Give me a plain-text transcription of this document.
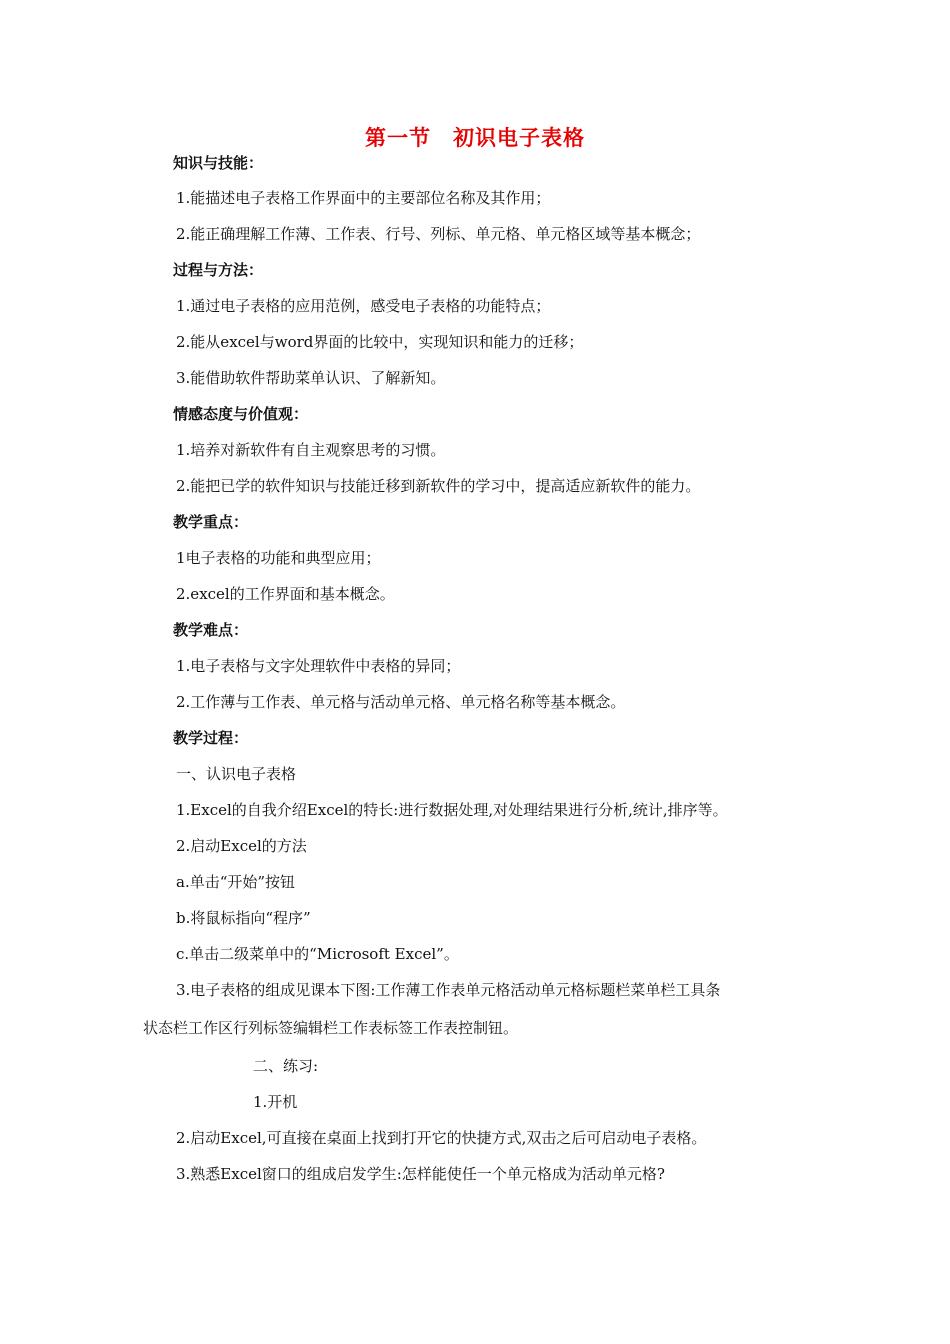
第一节　初识电子表格
知识与技能：
1.能描述电子表格工作界面中的主要部位名称及其作用；
2.能正确理解工作薄、工作表、行号、列标、单元格、单元格区域等基本概念；
过程与方法：
1.通过电子表格的应用范例，感受电子表格的功能特点；
2.能从excel与word界面的比较中，实现知识和能力的迁移；
3.能借助软件帮助菜单认识、了解新知。
情感态度与价值观：
1.培养对新软件有自主观察思考的习惯。
2.能把已学的软件知识与技能迁移到新软件的学习中，提高适应新软件的能力。
教学重点：
1电子表格的功能和典型应用；
2.excel的工作界面和基本概念。
教学难点：
1.电子表格与文字处理软件中表格的异同；
2.工作薄与工作表、单元格与活动单元格、单元格名称等基本概念。
教学过程：
一、认识电子表格
1.Excel的自我介绍Excel的特长:进行数据处理,对处理结果进行分析,统计,排序等。
2.启动Excel的方法
a.单击“开始”按钮
b.将鼠标指向“程序”
c.单击二级菜单中的“Microsoft Excel”。
3.电子表格的组成见课本下图:工作薄工作表单元格活动单元格标题栏菜单栏工具条
状态栏工作区行列标签编辑栏工作表标签工作表控制钮。
二、练习:
1.开机
2.启动Excel,可直接在桌面上找到打开它的快捷方式,双击之后可启动电子表格。
3.熟悉Excel窗口的组成启发学生:怎样能使任一个单元格成为活动单元格?
